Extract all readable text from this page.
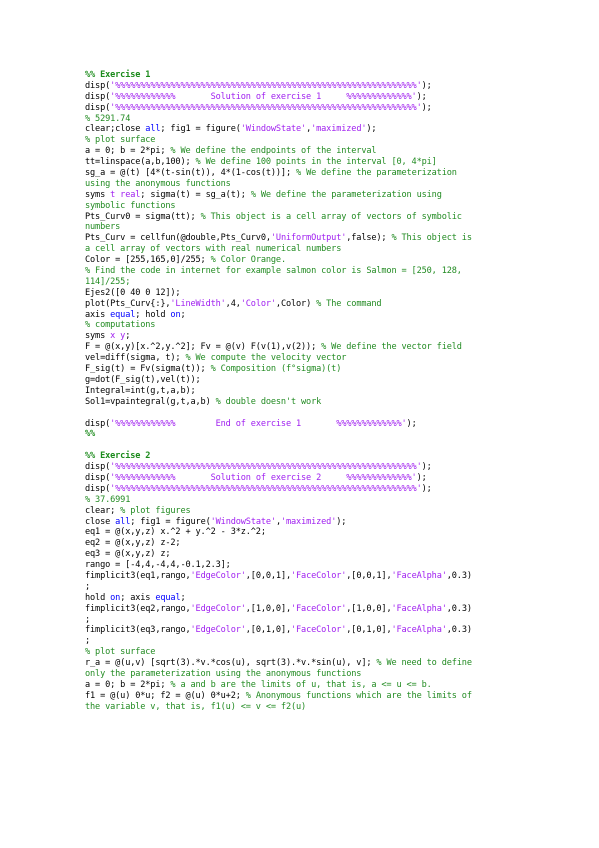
%% Exercise 1
disp('%%%%%%%%%%%%%%%%%%%%%%%%%%%%%%%%%%%%%%%%%%%%%%%%%%%%%%%%%%%%');
disp('%%%%%%%%%%%%       Solution of exercise 1     %%%%%%%%%%%%%');
disp('%%%%%%%%%%%%%%%%%%%%%%%%%%%%%%%%%%%%%%%%%%%%%%%%%%%%%%%%%%%%');
% 5291.74
clear;close all; fig1 = figure('WindowState','maximized');
% plot surface
a = 0; b = 2*pi; % We define the endpoints of the interval
tt=linspace(a,b,100); % We define 100 points in the interval [0, 4*pi]
sg_a = @(t) [4*(t-sin(t)), 4*(1-cos(t))]; % We define the parameterization
using the anonymous functions
syms t real; sigma(t) = sg_a(t); % We define the parameterization using
symbolic functions
Pts_Curv0 = sigma(tt); % This object is a cell array of vectors of symbolic
numbers
Pts_Curv = cellfun(@double,Pts_Curv0,'UniformOutput',false); % This object is
a cell array of vectors with real numerical numbers
Color = [255,165,0]/255; % Color Orange.
% Find the code in internet for example salmon color is Salmon = [250, 128,
114]/255;
Ejes2([0 40 0 12]);
plot(Pts_Curv{:},'LineWidth',4,'Color',Color) % The command
axis equal; hold on;
% computations
syms x y;
F = @(x,y)[x.^2,y.^2]; Fv = @(v) F(v(1),v(2)); % We define the vector field
vel=diff(sigma, t); % We compute the velocity vector
F_sig(t) = Fv(sigma(t)); % Composition (f°sigma)(t)
g=dot(F_sig(t),vel(t));
Integral=int(g,t,a,b);
Sol1=vpaintegral(g,t,a,b) % double doesn't work

disp('%%%%%%%%%%%%        End of exercise 1       %%%%%%%%%%%%%');
%%

%% Exercise 2
disp('%%%%%%%%%%%%%%%%%%%%%%%%%%%%%%%%%%%%%%%%%%%%%%%%%%%%%%%%%%%%');
disp('%%%%%%%%%%%%       Solution of exercise 2     %%%%%%%%%%%%%');
disp('%%%%%%%%%%%%%%%%%%%%%%%%%%%%%%%%%%%%%%%%%%%%%%%%%%%%%%%%%%%%');
% 37.6991
clear; % plot figures
close all; fig1 = figure('WindowState','maximized');
eq1 = @(x,y,z) x.^2 + y.^2 - 3*z.^2;
eq2 = @(x,y,z) z-2;
eq3 = @(x,y,z) z;
rango = [-4,4,-4,4,-0.1,2.3];
fimplicit3(eq1,rango,'EdgeColor',[0,0,1],'FaceColor',[0,0,1],'FaceAlpha',0.3)
;
hold on; axis equal;
fimplicit3(eq2,rango,'EdgeColor',[1,0,0],'FaceColor',[1,0,0],'FaceAlpha',0.3)
;
fimplicit3(eq3,rango,'EdgeColor',[0,1,0],'FaceColor',[0,1,0],'FaceAlpha',0.3)
;
% plot surface
r_a = @(u,v) [sqrt(3).*v.*cos(u), sqrt(3).*v.*sin(u), v]; % We need to define
only the parameterization using the anonymous functions
a = 0; b = 2*pi; % a and b are the limits of u, that is, a <= u <= b.
f1 = @(u) 0*u; f2 = @(u) 0*u+2; % Anonymous functions which are the limits of
the variable v, that is, f1(u) <= v <= f2(u)
